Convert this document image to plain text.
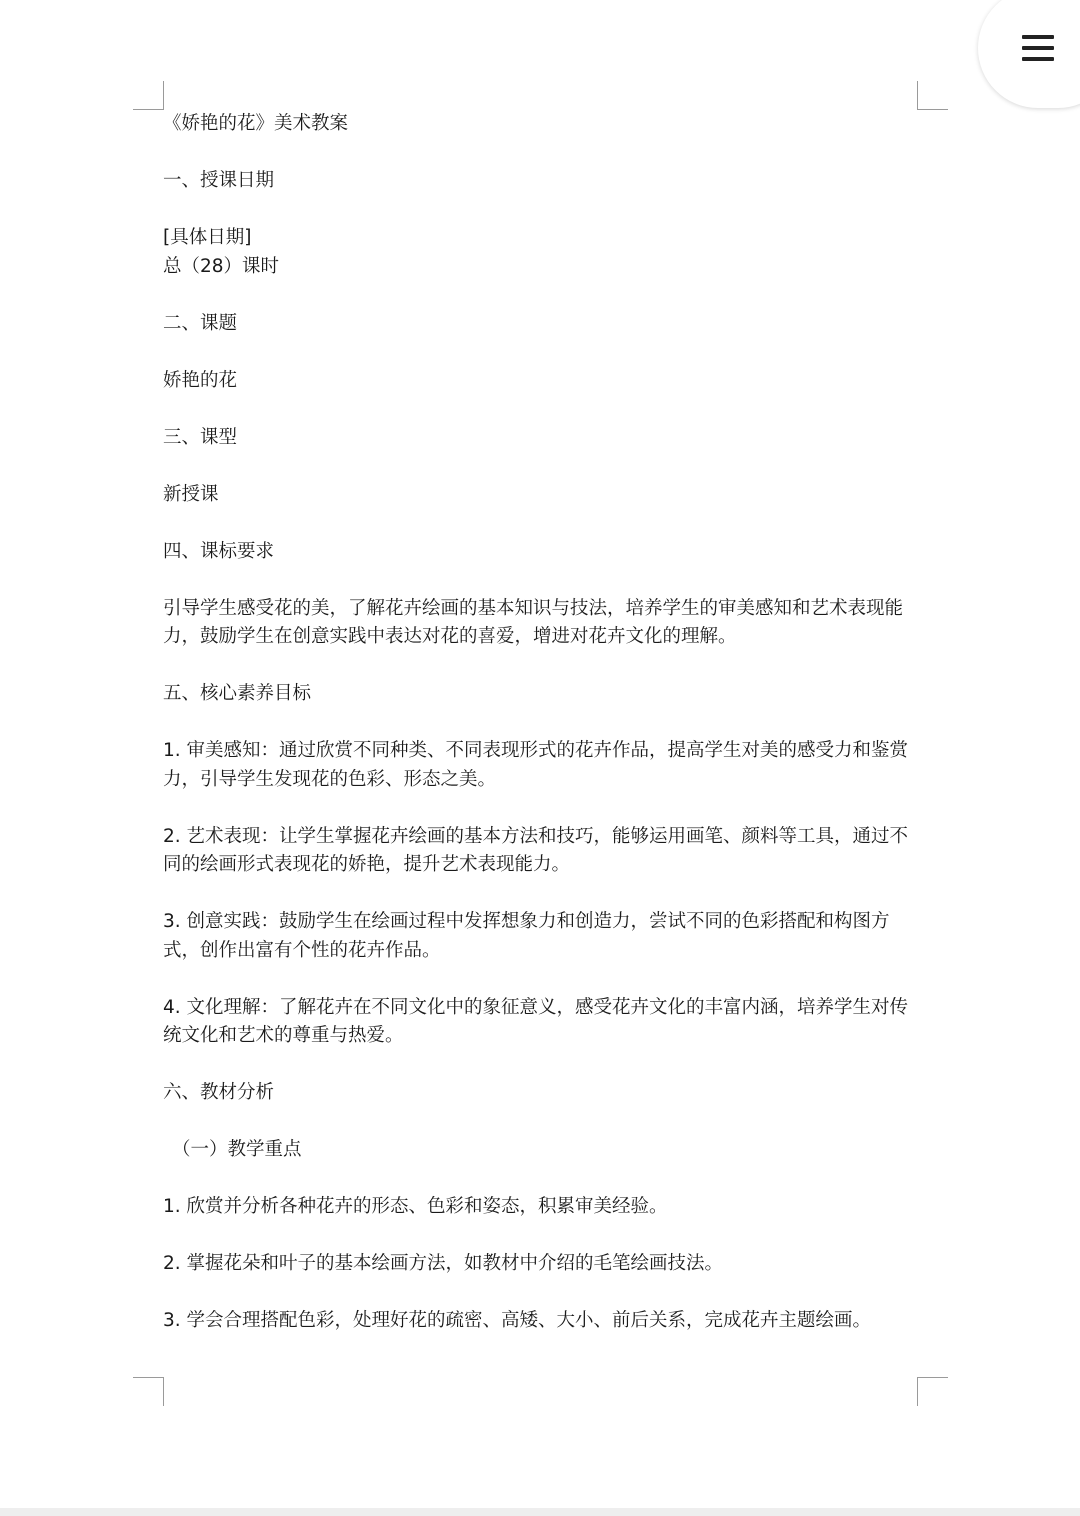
《娇艳的花》美术教案

一、授课日期

[具体日期]

总（28）课时

二、课题

娇艳的花

三、课型

新授课

四、课标要求

引导学生感受花的美，了解花卉绘画的基本知识与技法，培养学生的审美感知和艺术表现能力，鼓励学生在创意实践中表达对花的喜爱，增进对花卉文化的理解。

五、核心素养目标

1. 审美感知：通过欣赏不同种类、不同表现形式的花卉作品，提高学生对美的感受力和鉴赏力，引导学生发现花的色彩、形态之美。

2. 艺术表现：让学生掌握花卉绘画的基本方法和技巧，能够运用画笔、颜料等工具，通过不同的绘画形式表现花的娇艳，提升艺术表现能力。

3. 创意实践：鼓励学生在绘画过程中发挥想象力和创造力，尝试不同的色彩搭配和构图方式，创作出富有个性的花卉作品。

4. 文化理解：了解花卉在不同文化中的象征意义，感受花卉文化的丰富内涵，培养学生对传统文化和艺术的尊重与热爱。

六、教材分析

（一）教学重点

1. 欣赏并分析各种花卉的形态、色彩和姿态，积累审美经验。

2. 掌握花朵和叶子的基本绘画方法，如教材中介绍的毛笔绘画技法。

3. 学会合理搭配色彩，处理好花的疏密、高矮、大小、前后关系，完成花卉主题绘画。
